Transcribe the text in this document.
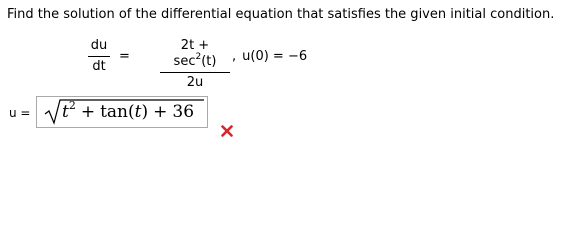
Find the solution of the differential equation that satisfies the given initial condition.
du
dt
=
$2t + \sec^2(t)$
2u
, u(0) = −6
$u = t^2 + \tan(t) + 36$
